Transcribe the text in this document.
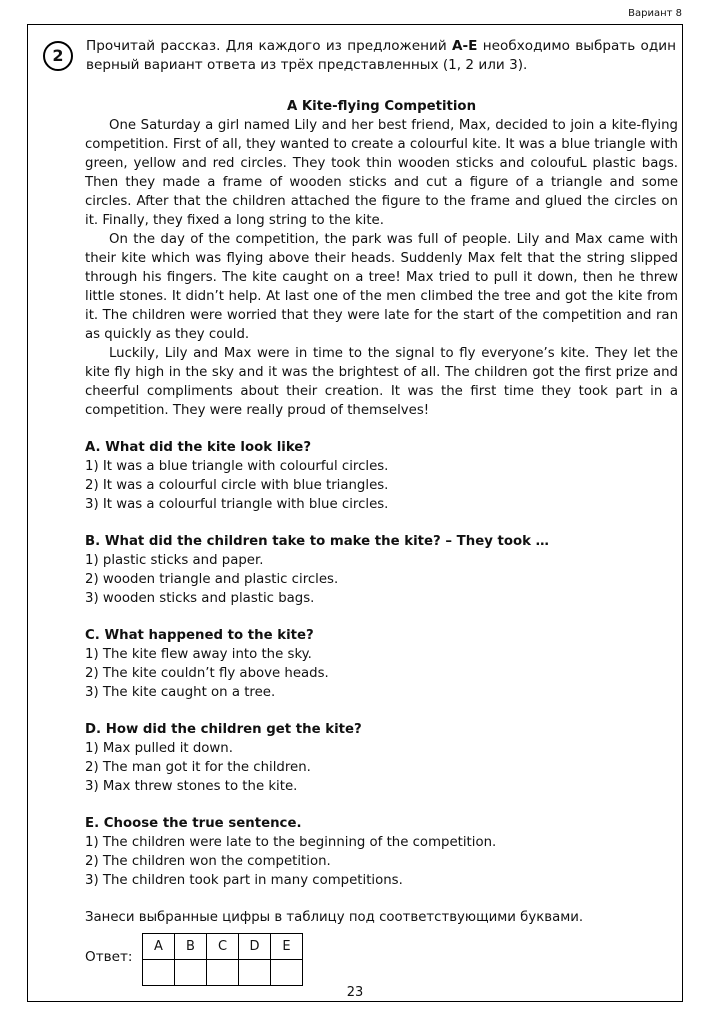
Вариант 8
2	Прочитай рассказ. Для каждого из предложений A-E необходимо выбрать один верный вариант ответа из трёх представленных (1, 2 или 3).

A Kite-flying Competition

One Saturday a girl named Lily and her best friend, Max, decided to join a kite-flying competition. First of all, they wanted to create a colourful kite. It was a blue triangle with green, yellow and red circles. They took thin wooden sticks and coloufuL plastic bags. Then they made a frame of wooden sticks and cut a figure of a triangle and some circles. After that the children attached the figure to the frame and glued the circles on it. Finally, they fixed a long string to the kite.

On the day of the competition, the park was full of people. Lily and Max came with their kite which was flying above their heads. Suddenly Max felt that the string slipped through his fingers. The kite caught on a tree! Max tried to pull it down, then he threw little stones. It didn’t help. At last one of the men climbed the tree and got the kite from it. The children were worried that they were late for the start of the competition and ran as quickly as they could.

Luckily, Lily and Max were in time to the signal to fly everyone’s kite. They let the kite fly high in the sky and it was the brightest of all. The children got the first prize and cheerful compliments about their creation. It was the first time they took part in a competition. They were really proud of themselves!

A. What did the kite look like?

1) It was a blue triangle with colourful circles.

2) It was a colourful circle with blue triangles.

3) It was a colourful triangle with blue circles.

B. What did the children take to make the kite? – They took …

1) plastic sticks and paper.

2) wooden triangle and plastic circles.

3) wooden sticks and plastic bags.

C. What happened to the kite?

1) The kite flew away into the sky.

2) The kite couldn’t fly above heads.

3) The kite caught on a tree.

D. How did the children get the kite?

1) Max pulled it down.

2) The man got it for the children.

3) Max threw stones to the kite.

E. Choose the true sentence.

1) The children were late to the beginning of the competition.

2) The children won the competition.

3) The children took part in many competitions.

Занеси выбранные цифры в таблицу под соответствующими буквами.

Ответ:
A	B	C	D	E

23
